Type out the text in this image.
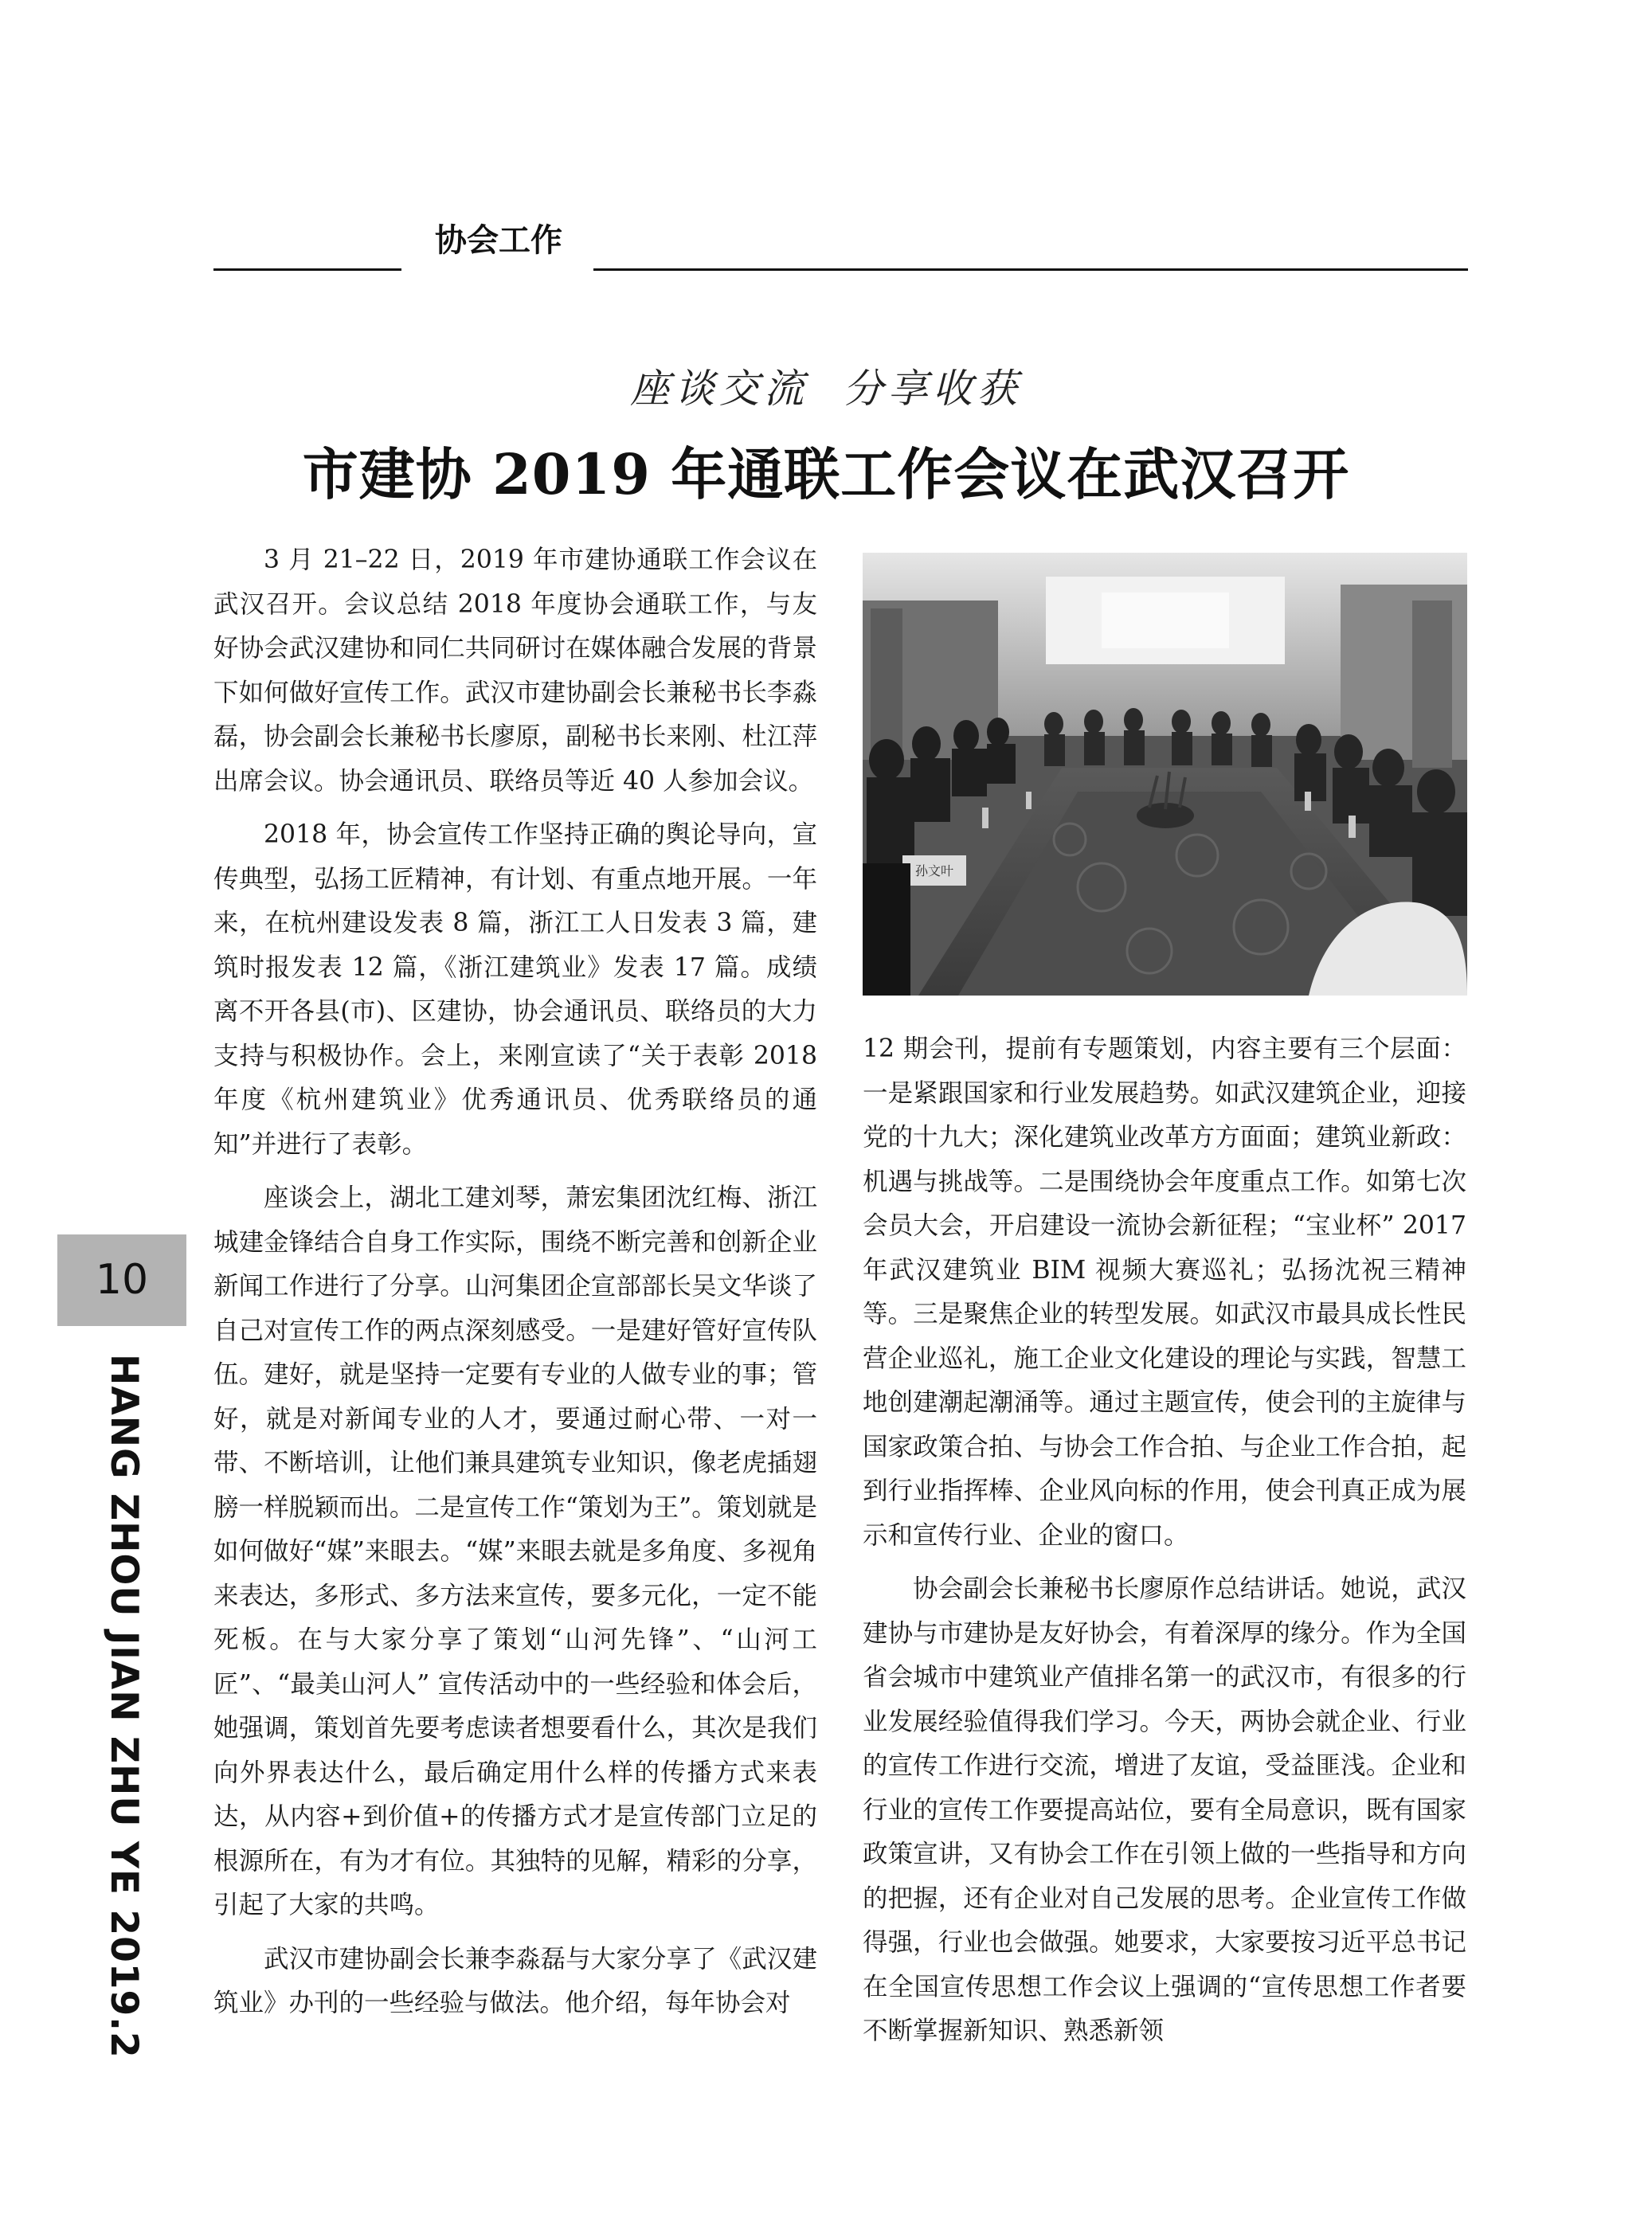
协会工作
座谈交流  分享收获
市建协 2019 年通联工作会议在武汉召开

3 月 21–22 日，2019 年市建协通联工作会议在武汉召开。会议总结 2018 年度协会通联工作，与友好协会武汉建协和同仁共同研讨在媒体融合发展的背景下如何做好宣传工作。武汉市建协副会长兼秘书长李淼磊，协会副会长兼秘书长廖原，副秘书长来刚、杜江萍出席会议。协会通讯员、联络员等近 40 人参加会议。

2018 年，协会宣传工作坚持正确的舆论导向，宣传典型，弘扬工匠精神，有计划、有重点地开展。一年来，在杭州建设发表 8 篇，浙江工人日发表 3 篇，建筑时报发表 12 篇，《浙江建筑业》发表 17 篇。成绩离不开各县(市)、区建协，协会通讯员、联络员的大力支持与积极协作。会上，来刚宣读了“关于表彰 2018 年度《杭州建筑业》优秀通讯员、优秀联络员的通知”并进行了表彰。

座谈会上，湖北工建刘琴，萧宏集团沈红梅、浙江城建金锋结合自身工作实际，围绕不断完善和创新企业新闻工作进行了分享。山河集团企宣部部长吴文华谈了自己对宣传工作的两点深刻感受。一是建好管好宣传队伍。建好，就是坚持一定要有专业的人做专业的事；管好，就是对新闻专业的人才，要通过耐心带、一对一带、不断培训，让他们兼具建筑专业知识，像老虎插翅膀一样脱颖而出。二是宣传工作“策划为王”。策划就是如何做好“媒”来眼去。“媒”来眼去就是多角度、多视角来表达，多形式、多方法来宣传，要多元化，一定不能死板。在与大家分享了策划“山河先锋”、“山河工匠”、“最美山河人” 宣传活动中的一些经验和体会后，她强调，策划首先要考虑读者想要看什么，其次是我们向外界表达什么，最后确定用什么样的传播方式来表达，从内容+到价值+的传播方式才是宣传部门立足的根源所在，有为才有位。其独特的见解，精彩的分享，引起了大家的共鸣。

武汉市建协副会长兼李淼磊与大家分享了《武汉建筑业》办刊的一些经验与做法。他介绍，每年协会对

孙文叶

12 期会刊，提前有专题策划，内容主要有三个层面：一是紧跟国家和行业发展趋势。如武汉建筑企业，迎接党的十九大；深化建筑业改革方方面面；建筑业新政：机遇与挑战等。二是围绕协会年度重点工作。如第七次会员大会，开启建设一流协会新征程；“宝业杯” 2017 年武汉建筑业 BIM 视频大赛巡礼；弘扬沈祝三精神等。三是聚焦企业的转型发展。如武汉市最具成长性民营企业巡礼，施工企业文化建设的理论与实践，智慧工地创建潮起潮涌等。通过主题宣传，使会刊的主旋律与国家政策合拍、与协会工作合拍、与企业工作合拍，起到行业指挥棒、企业风向标的作用，使会刊真正成为展示和宣传行业、企业的窗口。

协会副会长兼秘书长廖原作总结讲话。她说，武汉建协与市建协是友好协会，有着深厚的缘分。作为全国省会城市中建筑业产值排名第一的武汉市，有很多的行业发展经验值得我们学习。今天，两协会就企业、行业的宣传工作进行交流，增进了友谊，受益匪浅。企业和行业的宣传工作要提高站位，要有全局意识，既有国家政策宣讲，又有协会工作在引领上做的一些指导和方向的把握，还有企业对自己发展的思考。企业宣传工作做得强，行业也会做强。她要求，大家要按习近平总书记在全国宣传思想工作会议上强调的“宣传思想工作者要不断掌握新知识、熟悉新领

10
HANG ZHOU JIAN ZHU YE 2019.2
